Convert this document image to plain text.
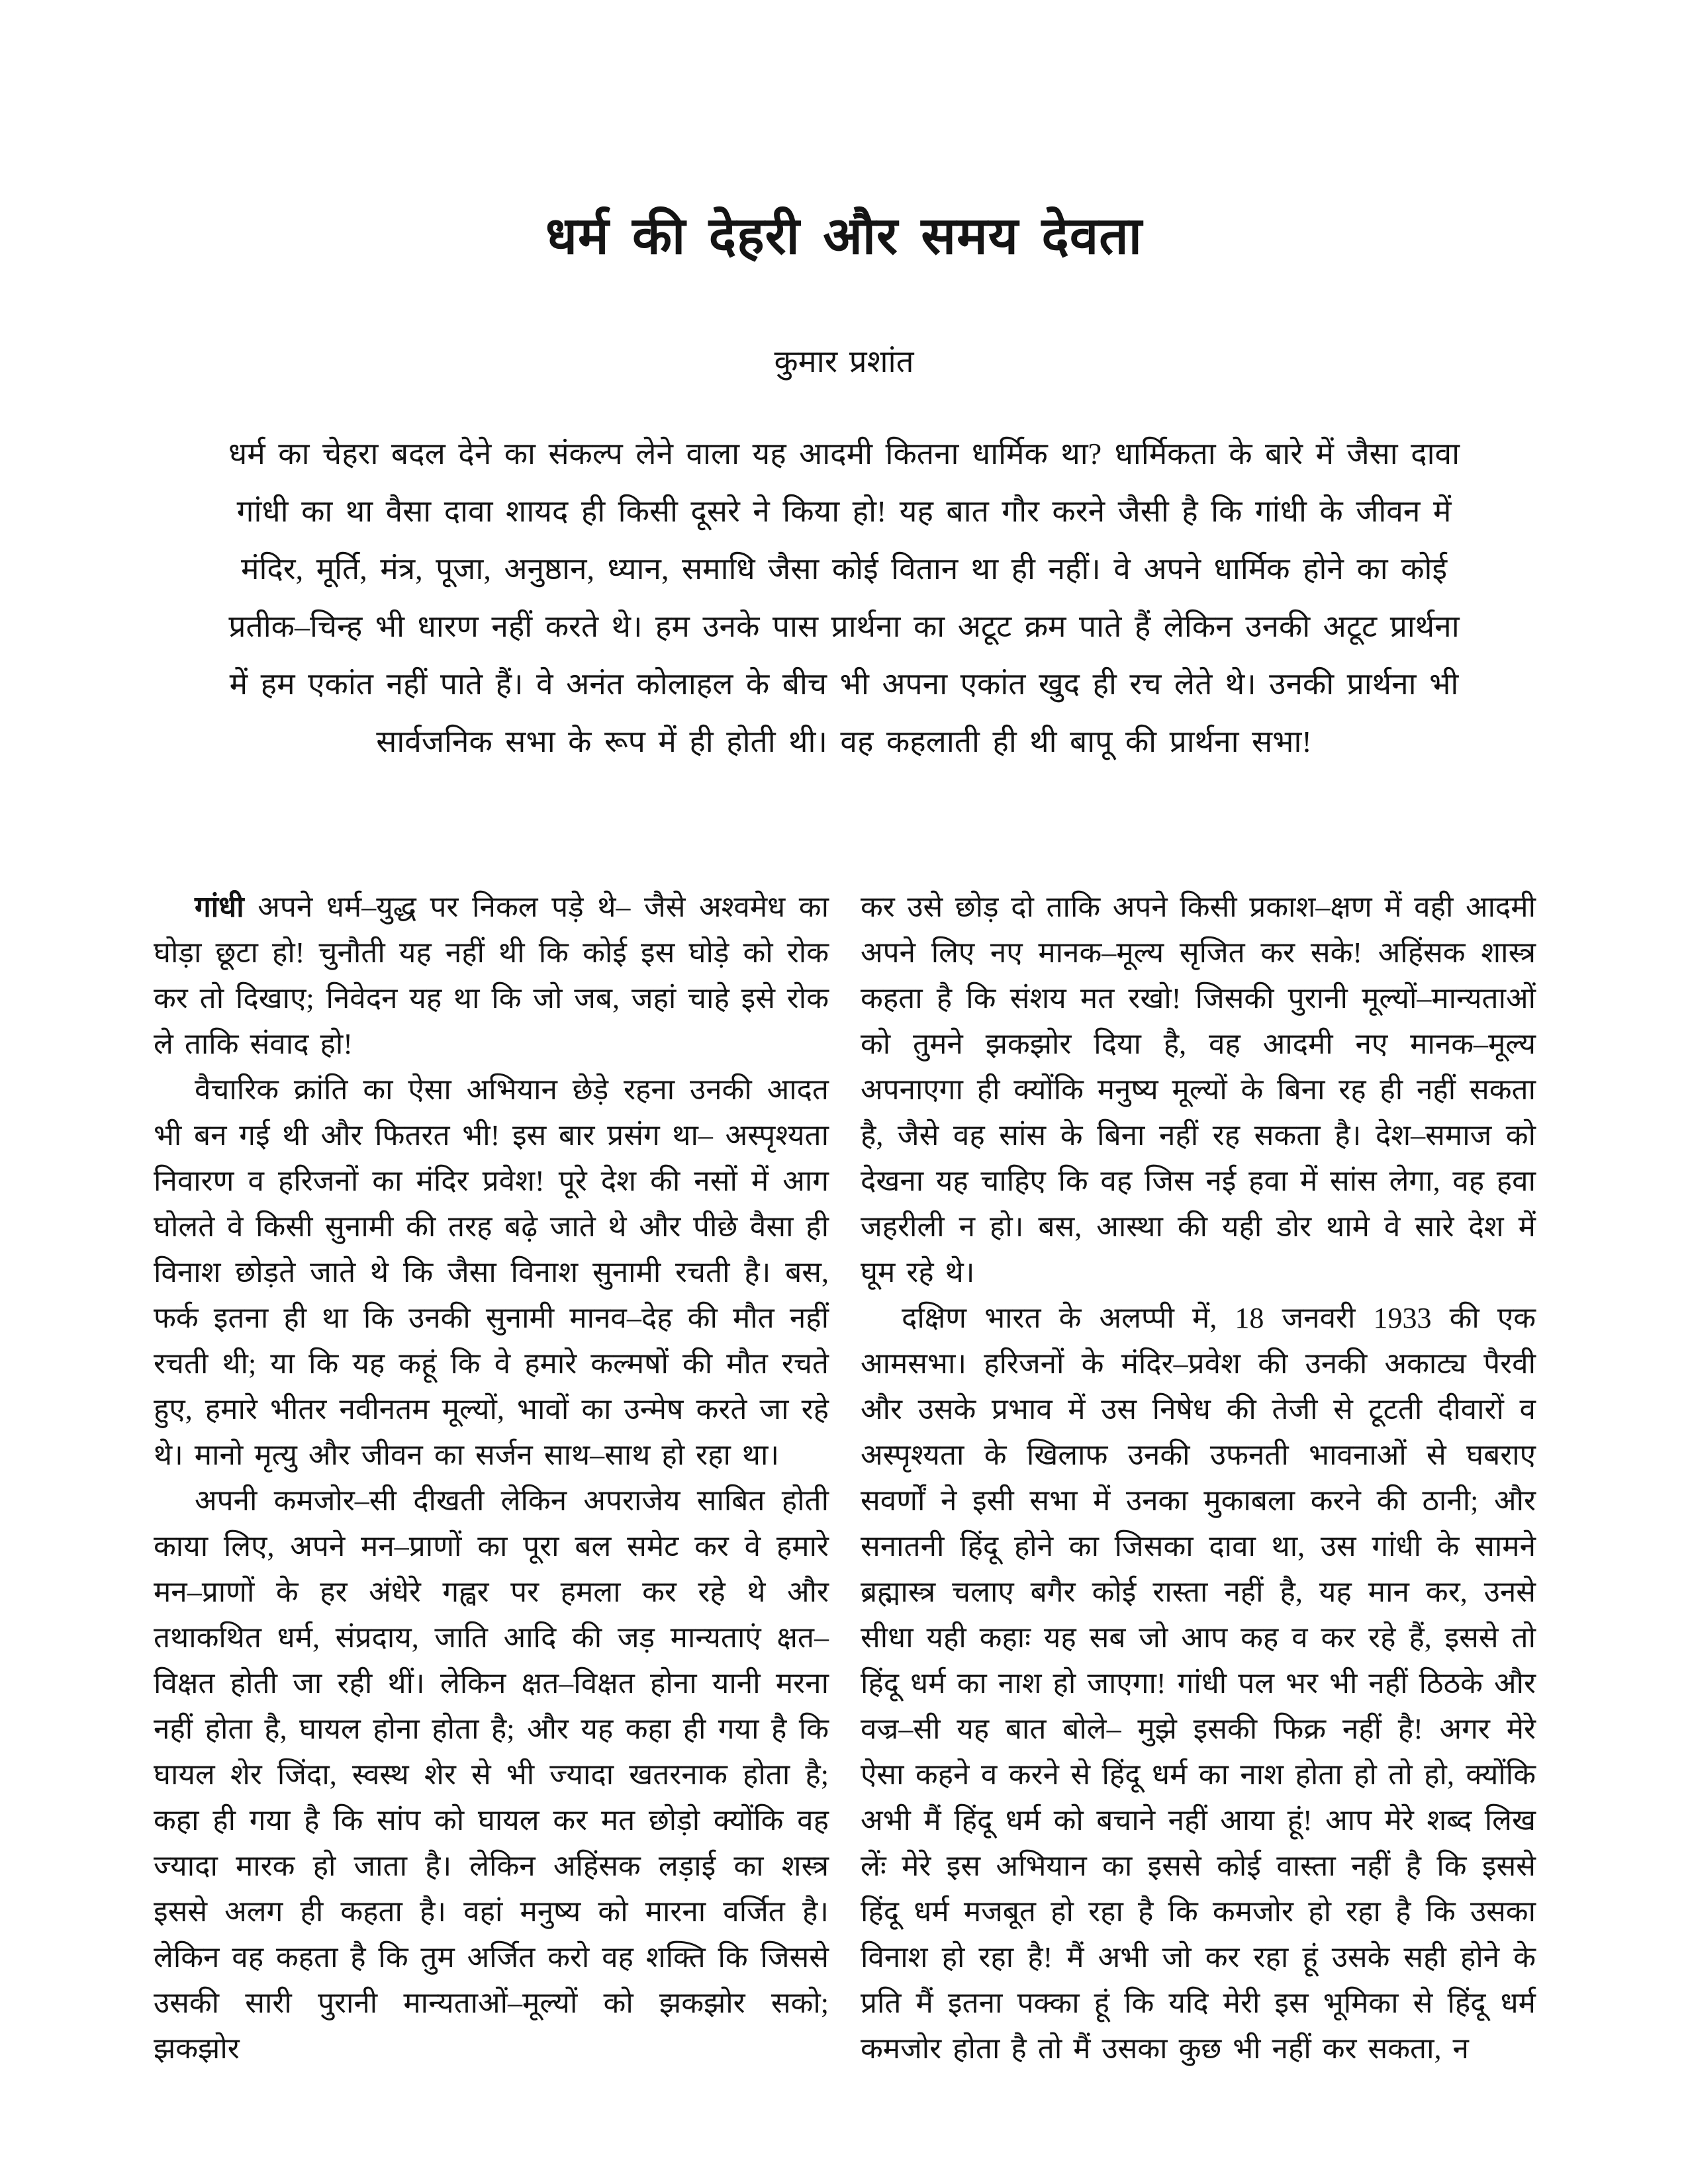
धर्म की देहरी और समय देवता
कुमार प्रशांत
धर्म का चेहरा बदल देने का संकल्प लेने वाला यह आदमी कितना धार्मिक था? धार्मिकता के बारे में जैसा दावा गांधी का था वैसा दावा शायद ही किसी दूसरे ने किया हो! यह बात गौर करने जैसी है कि गांधी के जीवन में मंदिर, मूर्ति, मंत्र, पूजा, अनुष्ठान, ध्यान, समाधि जैसा कोई वितान था ही नहीं। वे अपने धार्मिक होने का कोई प्रतीक–चिन्ह भी धारण नहीं करते थे। हम उनके पास प्रार्थना का अटूट क्रम पाते हैं लेकिन उनकी अटूट प्रार्थना में हम एकांत नहीं पाते हैं। वे अनंत कोलाहल के बीच भी अपना एकांत खुद ही रच लेते थे। उनकी प्रार्थना भी सार्वजनिक सभा के रूप में ही होती थी। वह कहलाती ही थी बापू की प्रार्थना सभा!

गांधी अपने धर्म–युद्ध पर निकल पड़े थे– जैसे अश्वमेध का घोड़ा छूटा हो! चुनौती यह नहीं थी कि कोई इस घोड़े को रोक कर तो दिखाए; निवेदन यह था कि जो जब, जहां चाहे इसे रोक ले ताकि संवाद हो!

वैचारिक क्रांति का ऐसा अभियान छेड़े रहना उनकी आदत भी बन गई थी और फितरत भी! इस बार प्रसंग था– अस्पृश्यता निवारण व हरिजनों का मंदिर प्रवेश! पूरे देश की नसों में आग घोलते वे किसी सुनामी की तरह बढ़े जाते थे और पीछे वैसा ही विनाश छोड़ते जाते थे कि जैसा विनाश सुनामी रचती है। बस, फर्क इतना ही था कि उनकी सुनामी मानव–देह की मौत नहीं रचती थी; या कि यह कहूं कि वे हमारे कल्मषों की मौत रचते हुए, हमारे भीतर नवीनतम मूल्यों, भावों का उन्मेष करते जा रहे थे। मानो मृत्यु और जीवन का सर्जन साथ–साथ हो रहा था।

अपनी कमजोर–सी दीखती लेकिन अपराजेय साबित होती काया लिए, अपने मन–प्राणों का पूरा बल समेट कर वे हमारे मन–प्राणों के हर अंधेरे गह्वर पर हमला कर रहे थे और तथाकथित धर्म, संप्रदाय, जाति आदि की जड़ मान्यताएं क्षत–विक्षत होती जा रही थीं। लेकिन क्षत–विक्षत होना यानी मरना नहीं होता है, घायल होना होता है; और यह कहा ही गया है कि घायल शेर जिंदा, स्वस्थ शेर से भी ज्यादा खतरनाक होता है; कहा ही गया है कि सांप को घायल कर मत छोड़ो क्योंकि वह ज्यादा मारक हो जाता है। लेकिन अहिंसक लड़ाई का शस्त्र इससे अलग ही कहता है। वहां मनुष्य को मारना वर्जित है। लेकिन वह कहता है कि तुम अर्जित करो वह शक्ति कि जिससे उसकी सारी पुरानी मान्यताओं–मूल्यों को झकझोर सको; झकझोर

कर उसे छोड़ दो ताकि अपने किसी प्रकाश–क्षण में वही आदमी अपने लिए नए मानक–मूल्य सृजित कर सके! अहिंसक शास्त्र कहता है कि संशय मत रखो! जिसकी पुरानी मूल्यों–मान्यताओं को तुमने झकझोर दिया है, वह आदमी नए मानक–मूल्य अपनाएगा ही क्योंकि मनुष्य मूल्यों के बिना रह ही नहीं सकता है, जैसे वह सांस के बिना नहीं रह सकता है। देश–समाज को देखना यह चाहिए कि वह जिस नई हवा में सांस लेगा, वह हवा जहरीली न हो। बस, आस्था की यही डोर थामे वे सारे देश में घूम रहे थे।

दक्षिण भारत के अलप्पी में, 18 जनवरी 1933 की एक आमसभा। हरिजनों के मंदिर–प्रवेश की उनकी अकाट्य पैरवी और उसके प्रभाव में उस निषेध की तेजी से टूटती दीवारों व अस्पृश्यता के खिलाफ उनकी उफनती भावनाओं से घबराए सवर्णों ने इसी सभा में उनका मुकाबला करने की ठानी; और सनातनी हिंदू होने का जिसका दावा था, उस गांधी के सामने ब्रह्मास्त्र चलाए बगैर कोई रास्ता नहीं है, यह मान कर, उनसे सीधा यही कहाः यह सब जो आप कह व कर रहे हैं, इससे तो हिंदू धर्म का नाश हो जाएगा! गांधी पल भर भी नहीं ठिठके और वज्र–सी यह बात बोले– मुझे इसकी फिक्र नहीं है! अगर मेरे ऐसा कहने व करने से हिंदू धर्म का नाश होता हो तो हो, क्योंकि अभी मैं हिंदू धर्म को बचाने नहीं आया हूं! आप मेरे शब्द लिख लेंः मेरे इस अभियान का इससे कोई वास्ता नहीं है कि इससे हिंदू धर्म मजबूत हो रहा है कि कमजोर हो रहा है कि उसका विनाश हो रहा है! मैं अभी जो कर रहा हूं उसके सही होने के प्रति मैं इतना पक्का हूं कि यदि मेरी इस भूमिका से हिंदू धर्म कमजोर होता है तो मैं उसका कुछ भी नहीं कर सकता, न
